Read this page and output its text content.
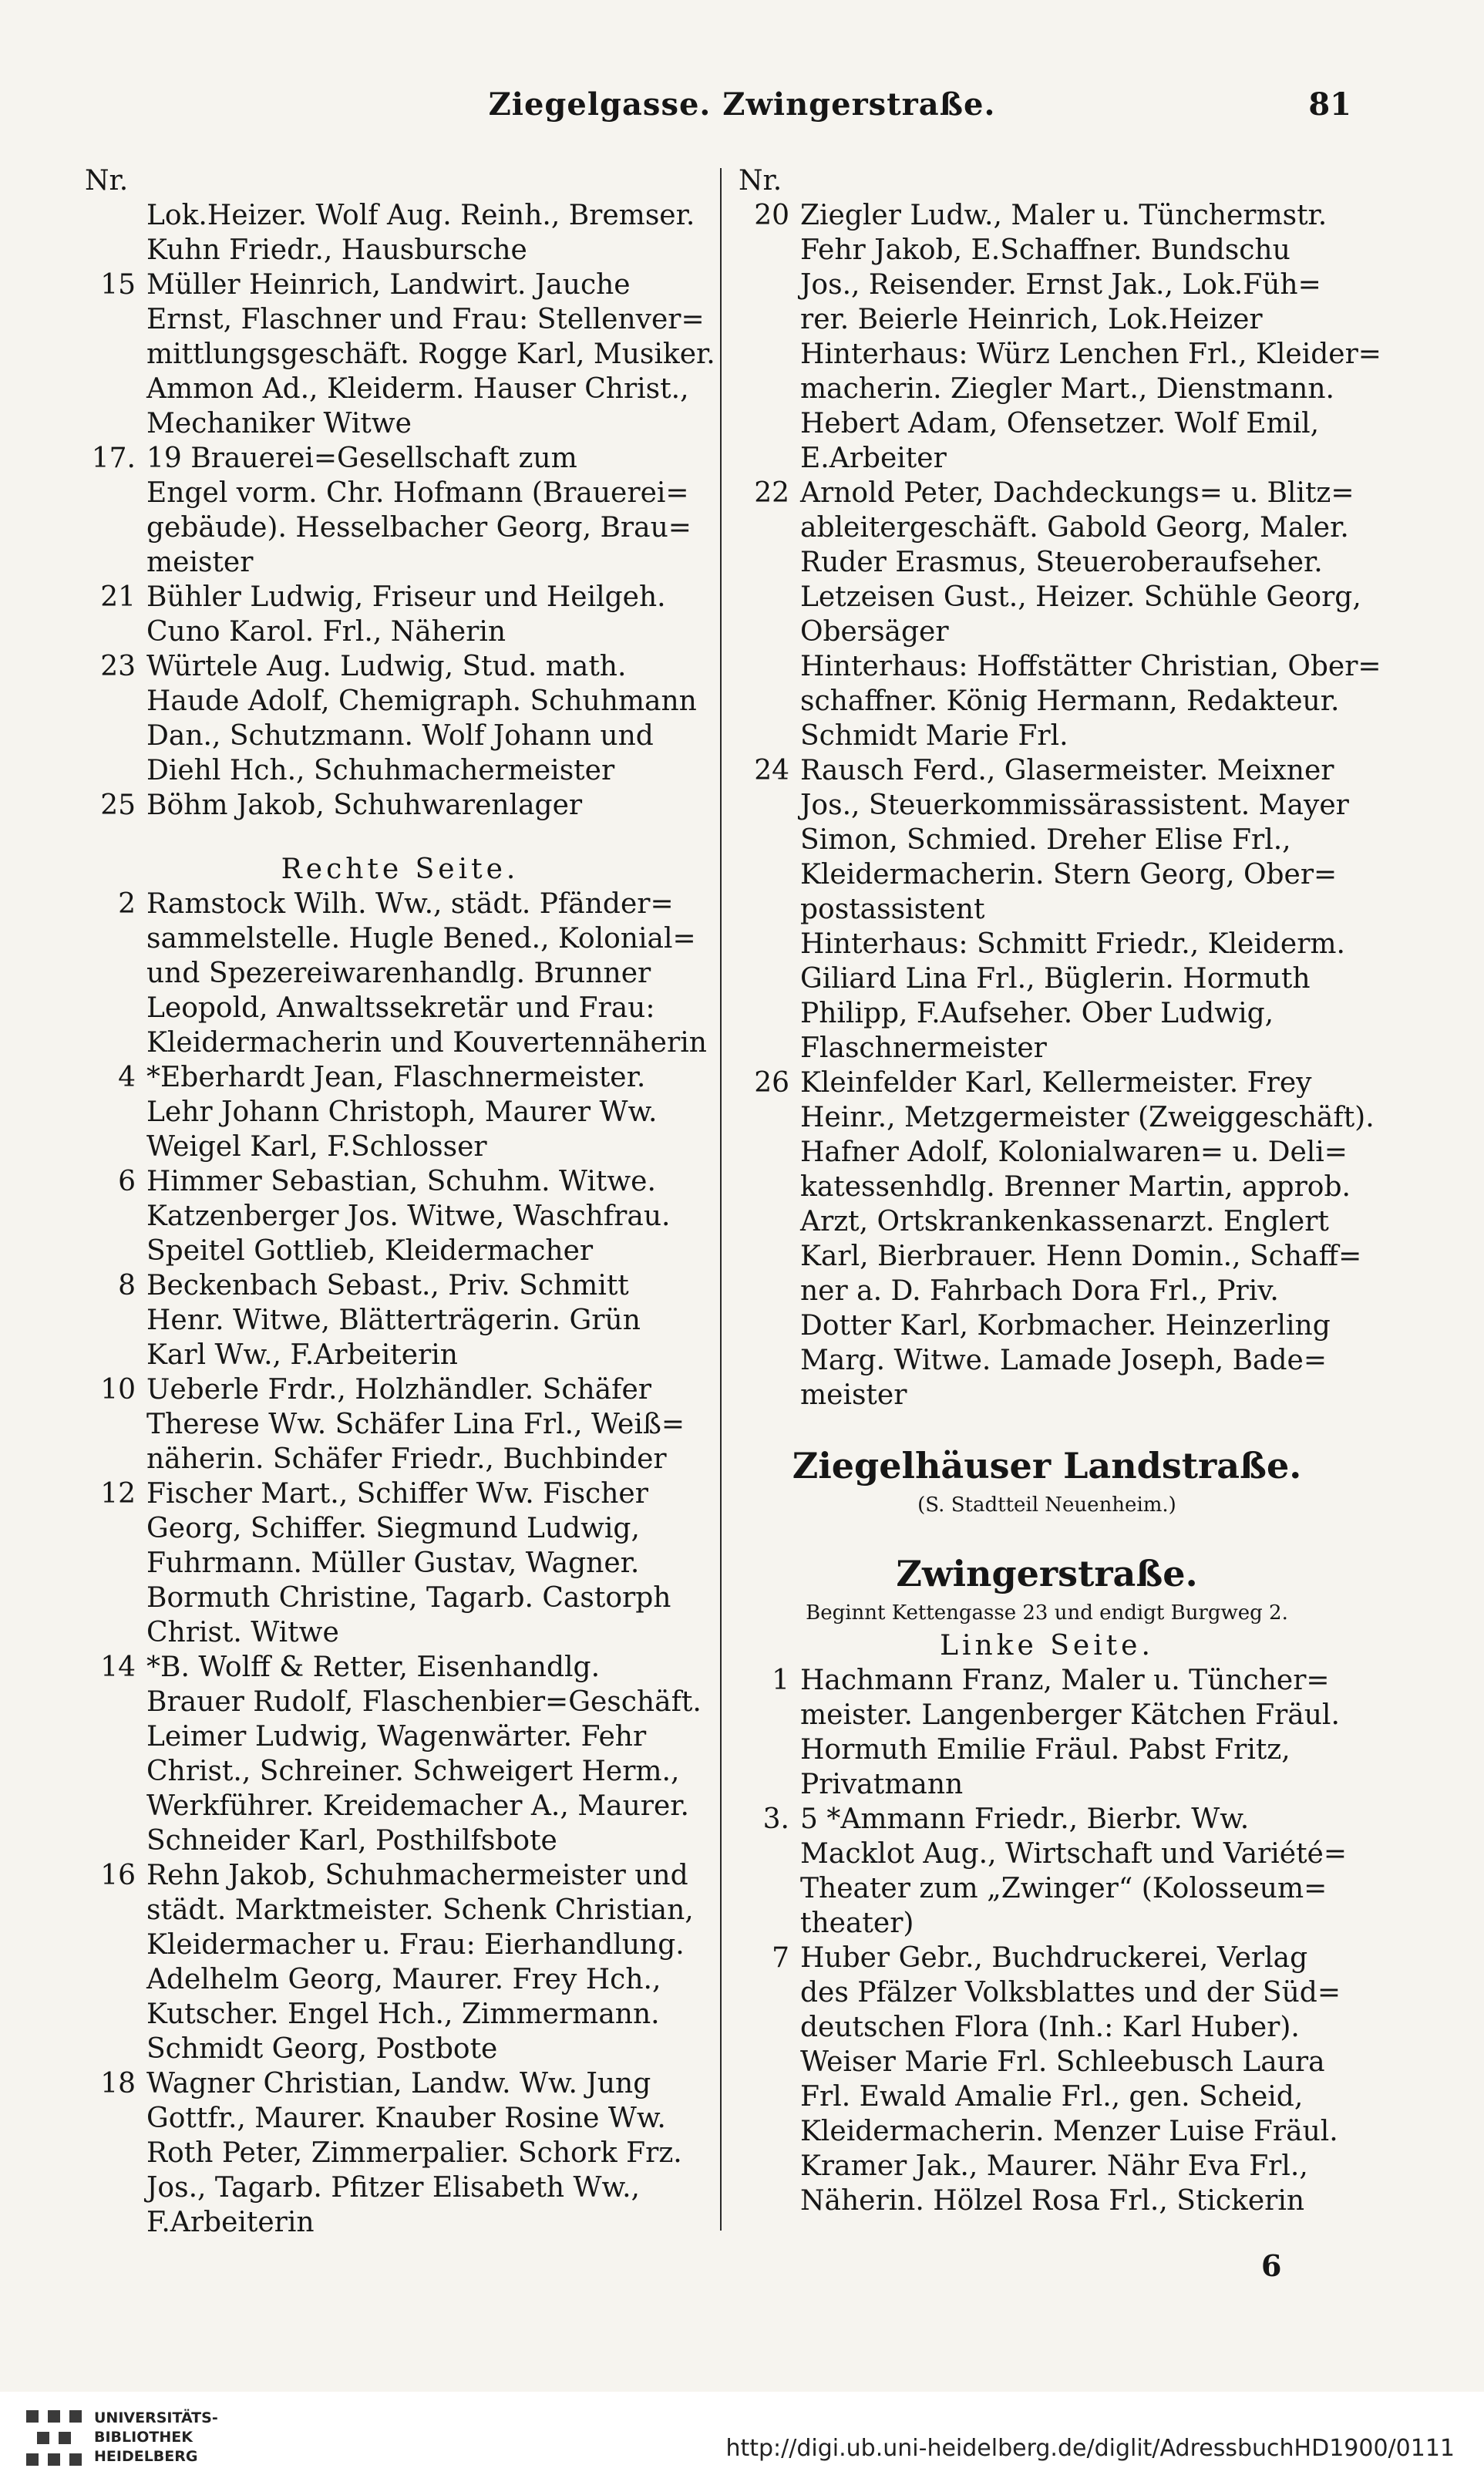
Ziegelgasse. Zwingerstraße.	81
Nr.
Lok.Heizer. Wolf Aug. Reinh., Bremser.
Kuhn Friedr., Hausbursche
15 Müller Heinrich, Landwirt. Jauche
Ernst, Flaschner und Frau: Stellenver=
mittlungsgeschäft. Rogge Karl, Musiker.
Ammon Ad., Kleiderm. Hauser Christ.,
Mechaniker Witwe
17. 19 Brauerei=Gesellschaft zum
Engel vorm. Chr. Hofmann (Brauerei=
gebäude). Hesselbacher Georg, Brau=
meister
21 Bühler Ludwig, Friseur und Heilgeh.
Cuno Karol. Frl., Näherin
23 Würtele Aug. Ludwig, Stud. math.
Haude Adolf, Chemigraph. Schuhmann
Dan., Schutzmann. Wolf Johann und
Diehl Hch., Schuhmachermeister
25 Böhm Jakob, Schuhwarenlager
Rechte Seite.
2 Ramstock Wilh. Ww., städt. Pfänder=
sammelstelle. Hugle Bened., Kolonial=
und Spezereiwarenhandlg. Brunner
Leopold, Anwaltssekretär und Frau:
Kleidermacherin und Kouvertennäherin
4 *Eberhardt Jean, Flaschnermeister.
Lehr Johann Christoph, Maurer Ww.
Weigel Karl, F.Schlosser
6 Himmer Sebastian, Schuhm. Witwe.
Katzenberger Jos. Witwe, Waschfrau.
Speitel Gottlieb, Kleidermacher
8 Beckenbach Sebast., Priv. Schmitt
Henr. Witwe, Blätterträgerin. Grün
Karl Ww., F.Arbeiterin
10 Ueberle Frdr., Holzhändler. Schäfer
Therese Ww. Schäfer Lina Frl., Weiß=
näherin. Schäfer Friedr., Buchbinder
12 Fischer Mart., Schiffer Ww. Fischer
Georg, Schiffer. Siegmund Ludwig,
Fuhrmann. Müller Gustav, Wagner.
Bormuth Christine, Tagarb. Castorph
Christ. Witwe
14 *B. Wolff & Retter, Eisenhandlg.
Brauer Rudolf, Flaschenbier=Geschäft.
Leimer Ludwig, Wagenwärter. Fehr
Christ., Schreiner. Schweigert Herm.,
Werkführer. Kreidemacher A., Maurer.
Schneider Karl, Posthilfsbote
16 Rehn Jakob, Schuhmachermeister und
städt. Marktmeister. Schenk Christian,
Kleidermacher u. Frau: Eierhandlung.
Adelhelm Georg, Maurer. Frey Hch.,
Kutscher. Engel Hch., Zimmermann.
Schmidt Georg, Postbote
18 Wagner Christian, Landw. Ww. Jung
Gottfr., Maurer. Knauber Rosine Ww.
Roth Peter, Zimmerpalier. Schork Frz.
Jos., Tagarb. Pfitzer Elisabeth Ww.,
F.Arbeiterin
Nr.
20 Ziegler Ludw., Maler u. Tünchermstr.
Fehr Jakob, E.Schaffner. Bundschu
Jos., Reisender. Ernst Jak., Lok.Füh=
rer. Beierle Heinrich, Lok.Heizer
Hinterhaus: Würz Lenchen Frl., Kleider=
macherin. Ziegler Mart., Dienstmann.
Hebert Adam, Ofensetzer. Wolf Emil,
E.Arbeiter
22 Arnold Peter, Dachdeckungs= u. Blitz=
ableitergeschäft. Gabold Georg, Maler.
Ruder Erasmus, Steueroberaufseher.
Letzeisen Gust., Heizer. Schühle Georg,
Obersäger
Hinterhaus: Hoffstätter Christian, Ober=
schaffner. König Hermann, Redakteur.
Schmidt Marie Frl.
24 Rausch Ferd., Glasermeister. Meixner
Jos., Steuerkommissärassistent. Mayer
Simon, Schmied. Dreher Elise Frl.,
Kleidermacherin. Stern Georg, Ober=
postassistent
Hinterhaus: Schmitt Friedr., Kleiderm.
Giliard Lina Frl., Büglerin. Hormuth
Philipp, F.Aufseher. Ober Ludwig,
Flaschnermeister
26 Kleinfelder Karl, Kellermeister. Frey
Heinr., Metzgermeister (Zweiggeschäft).
Hafner Adolf, Kolonialwaren= u. Deli=
katessenhdlg. Brenner Martin, approb.
Arzt, Ortskrankenkassenarzt. Englert
Karl, Bierbrauer. Henn Domin., Schaff=
ner a. D. Fahrbach Dora Frl., Priv.
Dotter Karl, Korbmacher. Heinzerling
Marg. Witwe. Lamade Joseph, Bade=
meister
Ziegelhäuser Landstraße.
(S. Stadtteil Neuenheim.)
Zwingerstraße.
Beginnt Kettengasse 23 und endigt Burgweg 2.
Linke Seite.
1 Hachmann Franz, Maler u. Tüncher=
meister. Langenberger Kätchen Fräul.
Hormuth Emilie Fräul. Pabst Fritz,
Privatmann
3. 5 *Ammann Friedr., Bierbr. Ww.
Macklot Aug., Wirtschaft und Variété=
Theater zum „Zwinger“ (Kolosseum=
theater)
7 Huber Gebr., Buchdruckerei, Verlag
des Pfälzer Volksblattes und der Süd=
deutschen Flora (Inh.: Karl Huber).
Weiser Marie Frl. Schleebusch Laura
Frl. Ewald Amalie Frl., gen. Scheid,
Kleidermacherin. Menzer Luise Fräul.
Kramer Jak., Maurer. Nähr Eva Frl.,
Näherin. Hölzel Rosa Frl., Stickerin
6
UNIVERSITÄTS-
BIBLIOTHEK
HEIDELBERG	http://digi.ub.uni-heidelberg.de/diglit/AdressbuchHD1900/0111
